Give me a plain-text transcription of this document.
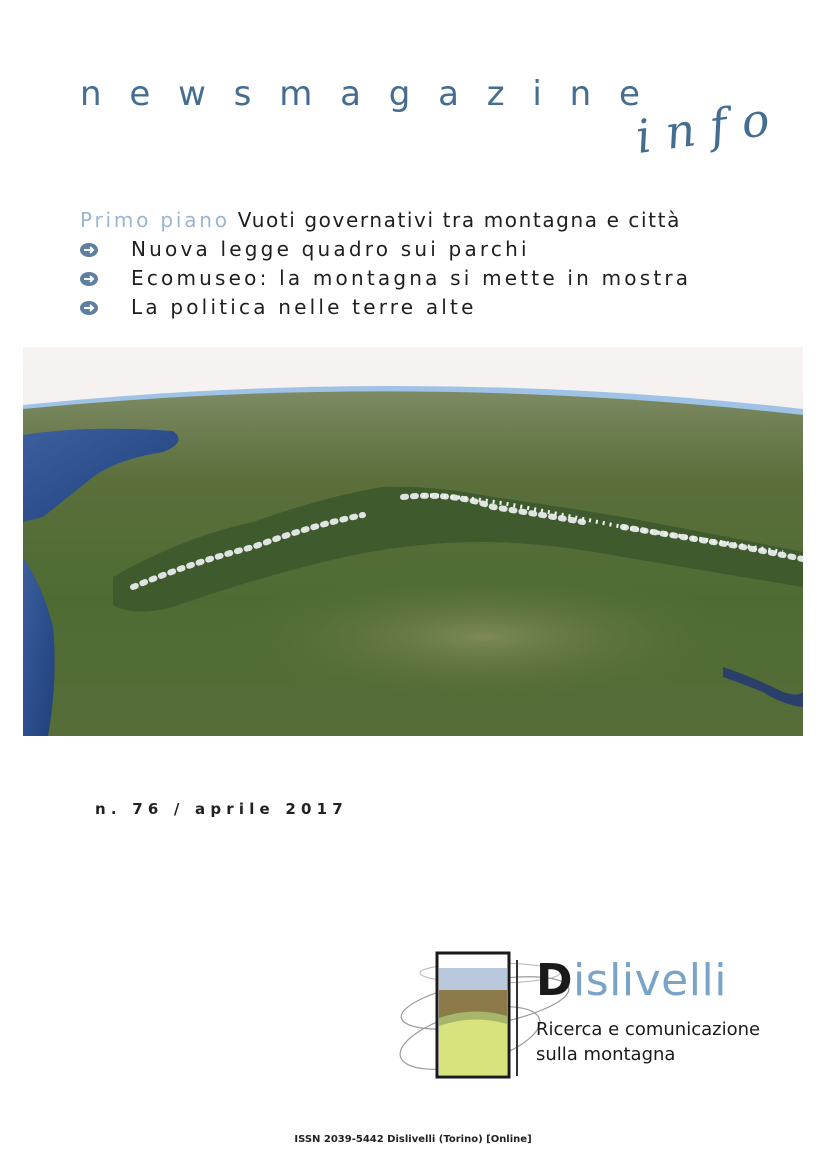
newsmagazine
info
Primo piano Vuoti governativi tra montagna e città
Nuova legge quadro sui parchi
Ecomuseo: la montagna si mette in mostra
La politica nelle terre alte
n. 76 / aprile 2017
Dislivelli
Ricerca e comunicazione
sulla montagna
ISSN 2039-5442 Dislivelli (Torino) [Online]
